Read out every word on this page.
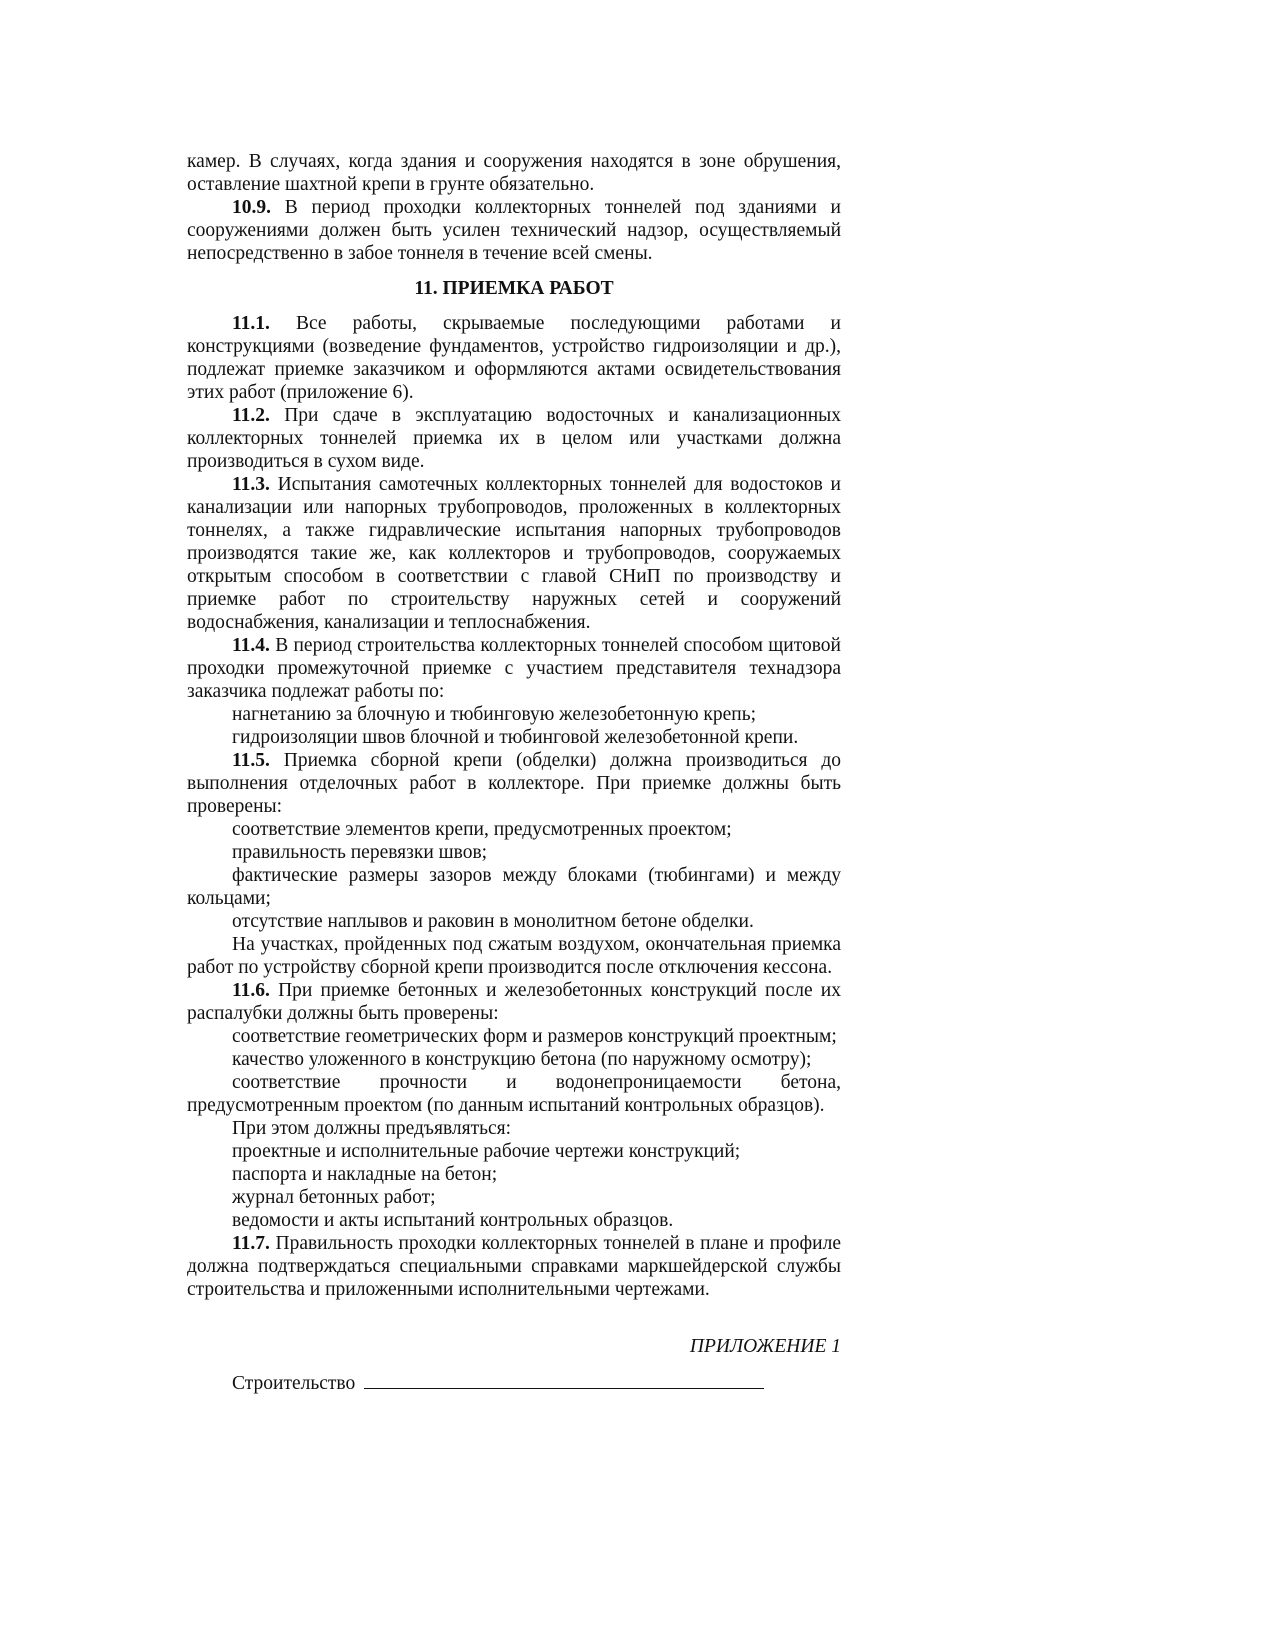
камер. В случаях, когда здания и сооружения находятся в зоне обрушения, оставление шахтной крепи в грунте обязательно.

10.9. В период проходки коллекторных тоннелей под зданиями и сооружениями должен быть усилен технический надзор, осуществляемый непосредственно в забое тоннеля в течение всей смены.

11. ПРИЕМКА РАБОТ

11.1. Все работы, скрываемые последующими работами и конструкциями (возведение фундаментов, устройство гидроизоляции и др.), подлежат приемке заказчиком и оформляются актами освидетельствования этих работ (приложение 6).

11.2. При сдаче в эксплуатацию водосточных и канализационных коллекторных тоннелей приемка их в целом или участками должна производиться в сухом виде.

11.3. Испытания самотечных коллекторных тоннелей для водостоков и канализации или напорных трубопроводов, проложенных в коллекторных тоннелях, а также гидравлические испытания напорных трубопроводов производятся такие же, как коллекторов и трубопроводов, сооружаемых открытым способом в соответствии с главой СНиП по производству и приемке работ по строительству наружных сетей и сооружений водоснабжения, канализации и теплоснабжения.

11.4. В период строительства коллекторных тоннелей способом щитовой проходки промежуточной приемке с участием представителя технадзора заказчика подлежат работы по:

нагнетанию за блочную и тюбинговую железобетонную крепь;

гидроизоляции швов блочной и тюбинговой железобетонной крепи.

11.5. Приемка сборной крепи (обделки) должна производиться до выполнения отделочных работ в коллекторе. При приемке должны быть проверены:

соответствие элементов крепи, предусмотренных проектом;

правильность перевязки швов;

фактические размеры зазоров между блоками (тюбингами) и между кольцами;

отсутствие наплывов и раковин в монолитном бетоне обделки.

На участках, пройденных под сжатым воздухом, окончательная приемка работ по устройству сборной крепи производится после отключения кессона.

11.6. При приемке бетонных и железобетонных конструкций после их распалубки должны быть проверены:

соответствие геометрических форм и размеров конструкций проектным;

качество уложенного в конструкцию бетона (по наружному осмотру);

соответствие прочности и водонепроницаемости бетона, предусмотренным проектом (по данным испытаний контрольных образцов).

При этом должны предъявляться:

проектные и исполнительные рабочие чертежи конструкций;

паспорта и накладные на бетон;

журнал бетонных работ;

ведомости и акты испытаний контрольных образцов.

11.7. Правильность проходки коллекторных тоннелей в плане и профиле должна подтверждаться специальными справками маркшейдерской службы строительства и приложенными исполнительными чертежами.

ПРИЛОЖЕНИЕ 1
Строительство
